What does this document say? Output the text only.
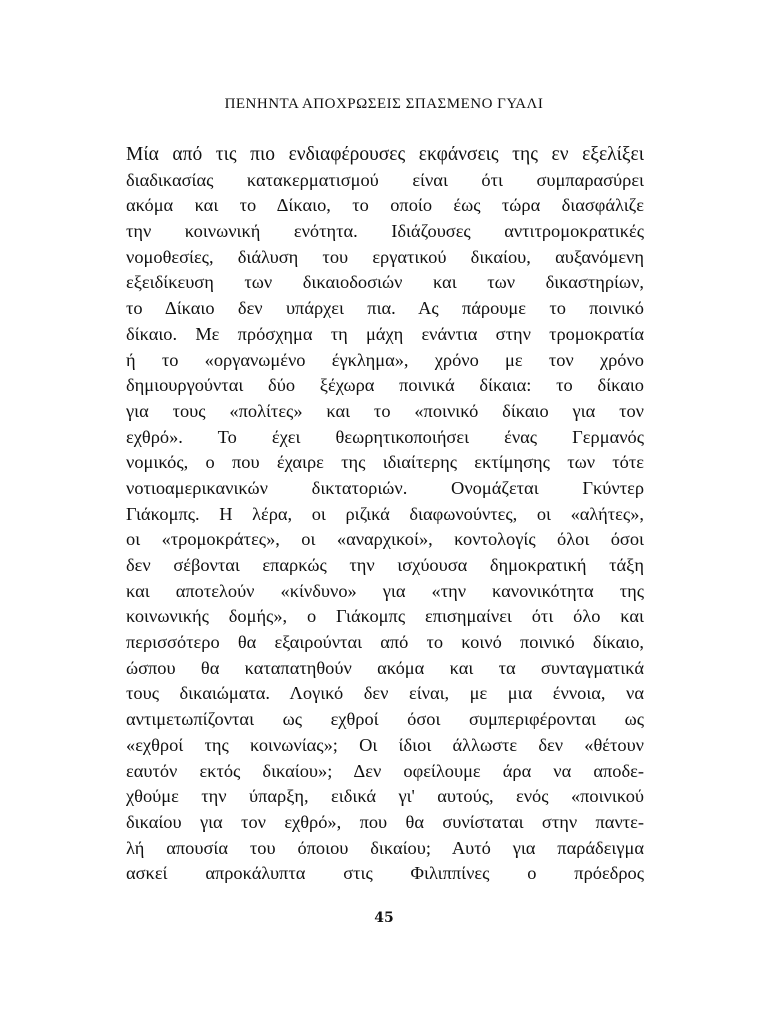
ΠΕΝΗΝΤΑ ΑΠΟΧΡΩΣΕΙΣ ΣΠΑΣΜΕΝΟ ΓΥΑΛΙ
Μία από τις πιο ενδιαφέρουσες εκφάνσεις της εν εξελίξει
διαδικασίας κατακερματισμού είναι ότι συμπαρασύρει
ακόμα και το Δίκαιο, το οποίο έως τώρα διασφάλιζε
την κοινωνική ενότητα. Ιδιάζουσες αντιτρομοκρατικές
νομοθεσίες, διάλυση του εργατικού δικαίου, αυξανόμενη
εξειδίκευση των δικαιοδοσιών και των δικαστηρίων,
το Δίκαιο δεν υπάρχει πια. Ας πάρουμε το ποινικό
δίκαιο. Με πρόσχημα τη μάχη ενάντια στην τρομοκρατία
ή το «οργανωμένο έγκλημα», χρόνο με τον χρόνο
δημιουργούνται δύο ξέχωρα ποινικά δίκαια: το δίκαιο
για τους «πολίτες» και το «ποινικό δίκαιο για τον
εχθρό». Το έχει θεωρητικοποιήσει ένας Γερμανός
νομικός, ο που έχαιρε της ιδιαίτερης εκτίμησης των τότε
νοτιοαμερικανικών δικτατοριών. Ονομάζεται Γκύντερ
Γιάκομπς. Η λέρα, οι ριζικά διαφωνούντες, οι «αλήτες»,
οι «τρομοκράτες», οι «αναρχικοί», κοντολογίς όλοι όσοι
δεν σέβονται επαρκώς την ισχύουσα δημοκρατική τάξη
και αποτελούν «κίνδυνο» για «την κανονικότητα της
κοινωνικής δομής», ο Γιάκομπς επισημαίνει ότι όλο και
περισσότερο θα εξαιρούνται από το κοινό ποινικό δίκαιο,
ώσπου θα καταπατηθούν ακόμα και τα συνταγματικά
τους δικαιώματα. Λογικό δεν είναι, με μια έννοια, να
αντιμετωπίζονται ως εχθροί όσοι συμπεριφέρονται ως
«εχθροί της κοινωνίας»; Οι ίδιοι άλλωστε δεν «θέτουν
εαυτόν εκτός δικαίου»; Δεν οφείλουμε άρα να αποδε-
χθούμε την ύπαρξη, ειδικά γι' αυτούς, ενός «ποινικού
δικαίου για τον εχθρό», που θα συνίσταται στην παντε-
λή απουσία του όποιου δικαίου; Αυτό για παράδειγμα
ασκεί απροκάλυπτα στις Φιλιππίνες ο πρόεδρος
45
